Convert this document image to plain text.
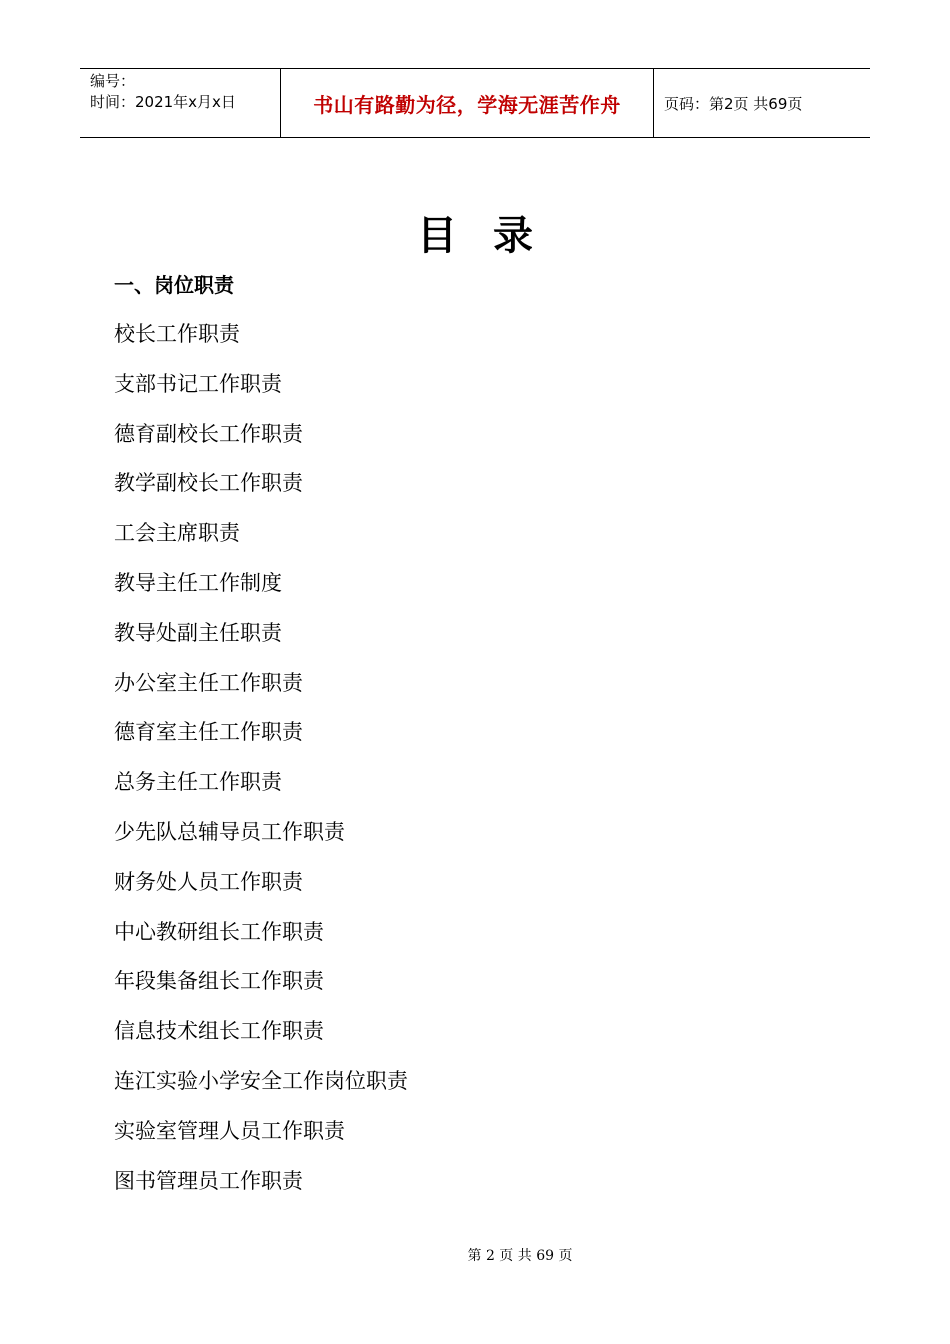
编号：
时间：2021年x月x日	书山有路勤为径，学海无涯苦作舟	页码：第2页 共69页
目录
一、岗位职责
校长工作职责
支部书记工作职责
德育副校长工作职责
教学副校长工作职责
工会主席职责
教导主任工作制度
教导处副主任职责
办公室主任工作职责
德育室主任工作职责
总务主任工作职责
少先队总辅导员工作职责
财务处人员工作职责
中心教研组长工作职责
年段集备组长工作职责
信息技术组长工作职责
连江实验小学安全工作岗位职责
实验室管理人员工作职责
图书管理员工作职责
第 2 页 共 69 页
